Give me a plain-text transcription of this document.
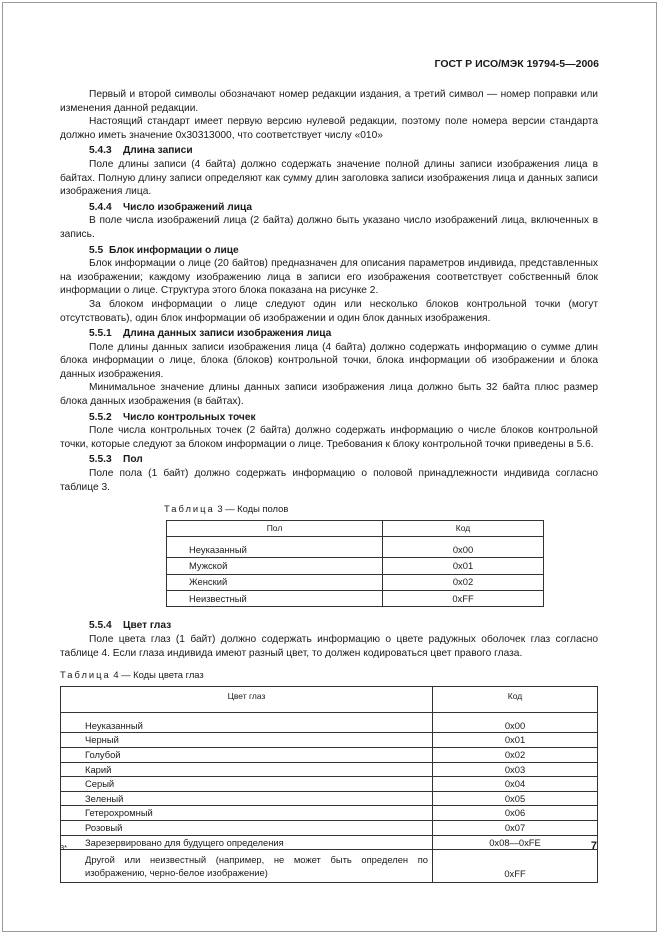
ГОСТ Р ИСО/МЭК 19794-5—2006

Первый и второй символы обозначают номер редакции издания, а третий символ — номер поправки или изменения данной редакции.

Настоящий стандарт имеет первую версию нулевой редакции, поэтому поле номера версии стандарта должно иметь значение 0x30313000, что соответствует числу «010»

5.4.3 Длина записи

Поле длины записи (4 байта) должно содержать значение полной длины записи изображения лица в байтах. Полную длину записи определяют как сумму длин заголовка записи изображения лица и данных записи изображения лица.

5.4.4 Число изображений лица

В поле числа изображений лица (2 байта) должно быть указано число изображений лица, включенных в запись.

5.5 Блок информации о лице

Блок информации о лице (20 байтов) предназначен для описания параметров индивида, представленных на изображении; каждому изображению лица в записи его изображения соответствует собственный блок информации о лице. Структура этого блока показана на рисунке 2.

За блоком информации о лице следуют один или несколько блоков контрольной точки (могут отсутствовать), один блок информации об изображении и один блок данных изображения.

5.5.1 Длина данных записи изображения лица

Поле длины данных записи изображения лица (4 байта) должно содержать информацию о сумме длин блока информации о лице, блока (блоков) контрольной точки, блока информации об изображении и блока данных изображения.

Минимальное значение длины данных записи изображения лица должно быть 32 байта плюс размер блока данных изображения (в байтах).

5.5.2 Число контрольных точек

Поле числа контрольных точек (2 байта) должно содержать информацию о числе блоков контрольной точки, которые следуют за блоком информации о лице. Требования к блоку контрольной точки приведены в 5.6.

5.5.3 Пол

Поле пола (1 байт) должно содержать информацию о половой принадлежности индивида согласно таблице 3.

Таблица 3 — Коды полов
Пол	Код
Неуказанный	0x00
Мужской	0x01
Женский	0x02
Неизвестный	0xFF
5.5.4 Цвет глаз

Поле цвета глаз (1 байт) должно содержать информацию о цвете радужных оболочек глаз согласно таблице 4. Если глаза индивида имеют разный цвет, то должен кодироваться цвет правого глаза.

Таблица 4 — Коды цвета глаз
Цвет глаз	Код
Неуказанный	0x00
Черный	0x01
Голубой	0x02
Карий	0x03
Серый	0x04
Зеленый	0x05
Гетерохромный	0x06
Розовый	0x07
Зарезервировано для будущего определения	0x08—0xFE
Другой или неизвестный (например, не может быть определен по изображению, черно-белое изображение)	0xFF
3*	7
